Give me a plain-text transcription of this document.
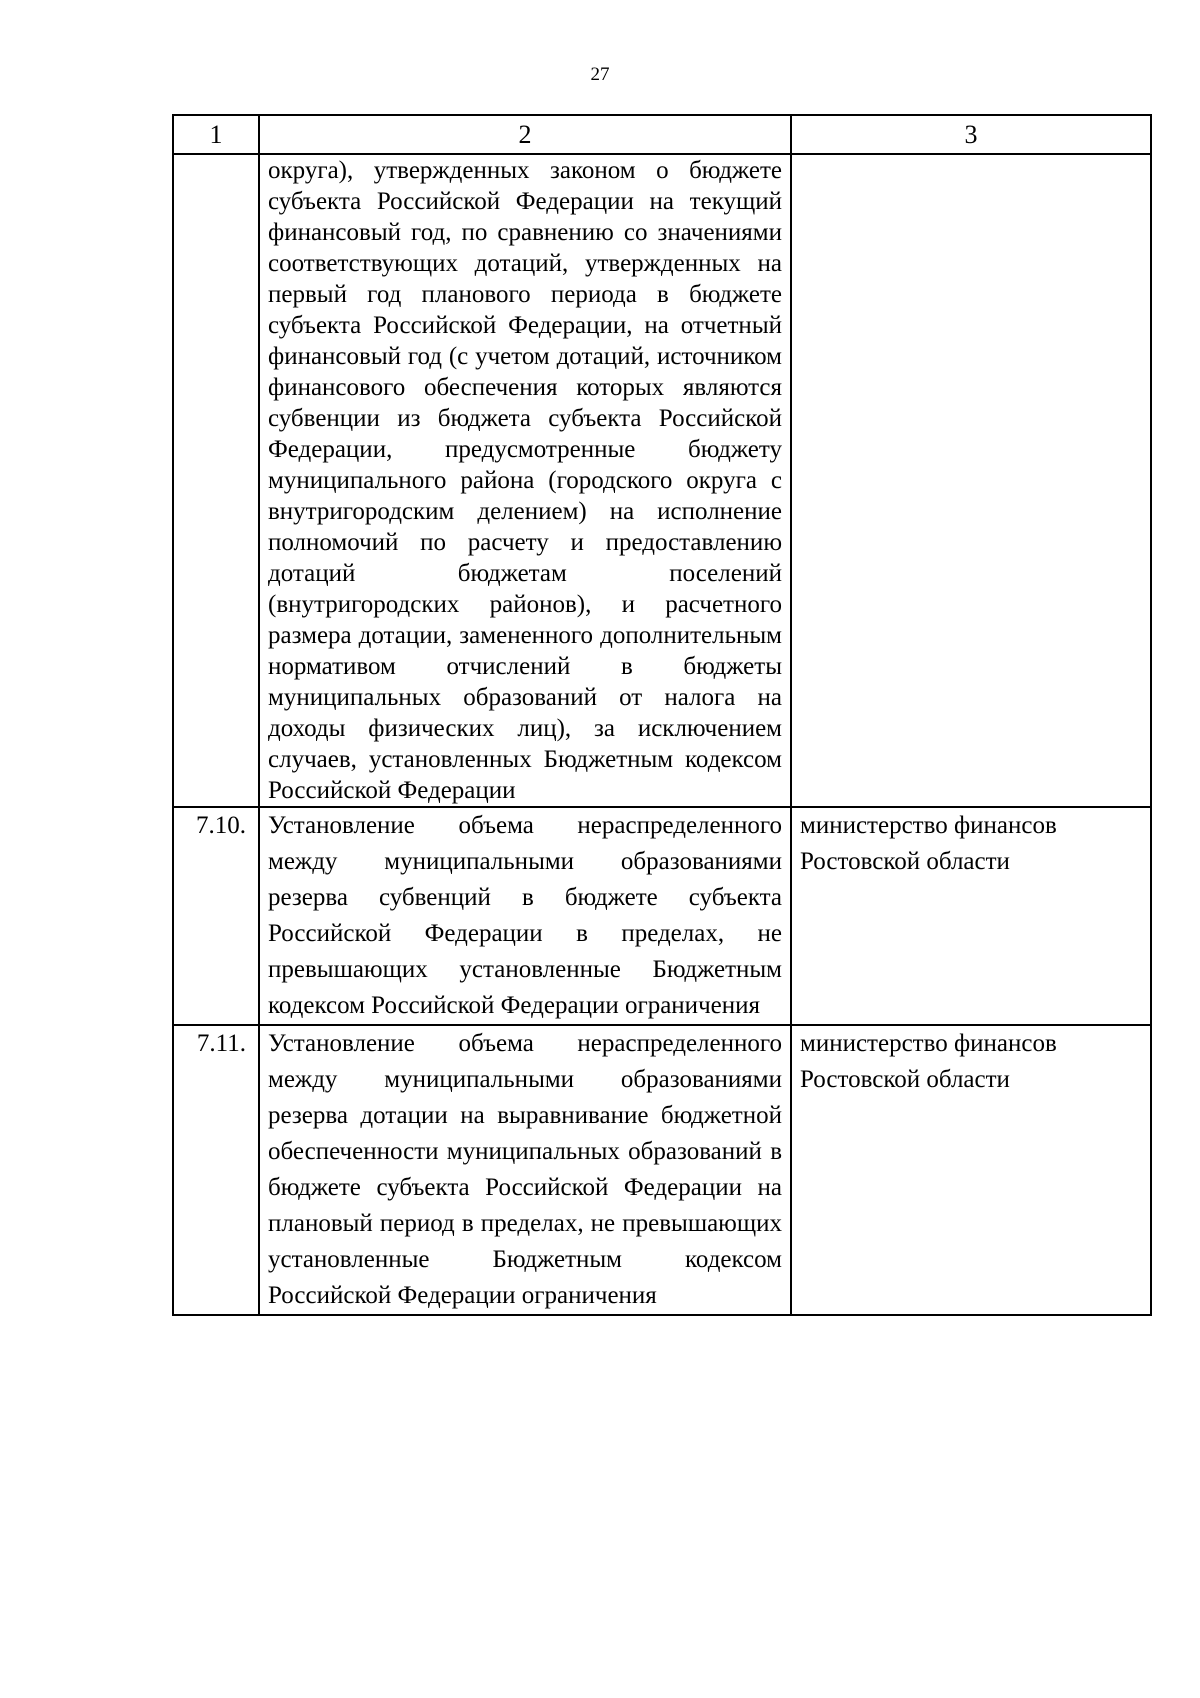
27
1	2	3
	округа), утвержденных законом о бюджете субъекта Российской Федерации на текущий финансовый год, по сравнению со значениями соответствующих дотаций, утвержденных на первый год планового периода в бюджете субъекта Российской Федерации, на отчетный финансовый год (с учетом дотаций, источником финансового обеспечения которых являются субвенции из бюджета субъекта Российской Федерации, предусмотренные бюджету муниципального района (городского округа с внутригородским делением) на исполнение полномочий по расчету и предоставлению дотаций бюджетам поселений (внутригородских районов), и расчетного размера дотации, замененного дополнительным нормативом отчислений в бюджеты муниципальных образований от налога на доходы физических лиц), за исключением случаев, установленных Бюджетным кодексом Российской Федерации	
7.10.	Установление объема нераспределенного между муниципальными образованиями резерва субвенций в бюджете субъекта Российской Федерации в пределах, не превышающих установленные Бюджетным кодексом Российской Федерации ограничения	министерство финансов Ростовской области
7.11.	Установление объема нераспределенного между муниципальными образованиями резерва дотации на выравнивание бюджетной обеспеченности муниципальных образований в бюджете субъекта Российской Федерации на плановый период в пределах, не превышающих установленные Бюджетным кодексом Российской Федерации ограничения	министерство финансов Ростовской области
